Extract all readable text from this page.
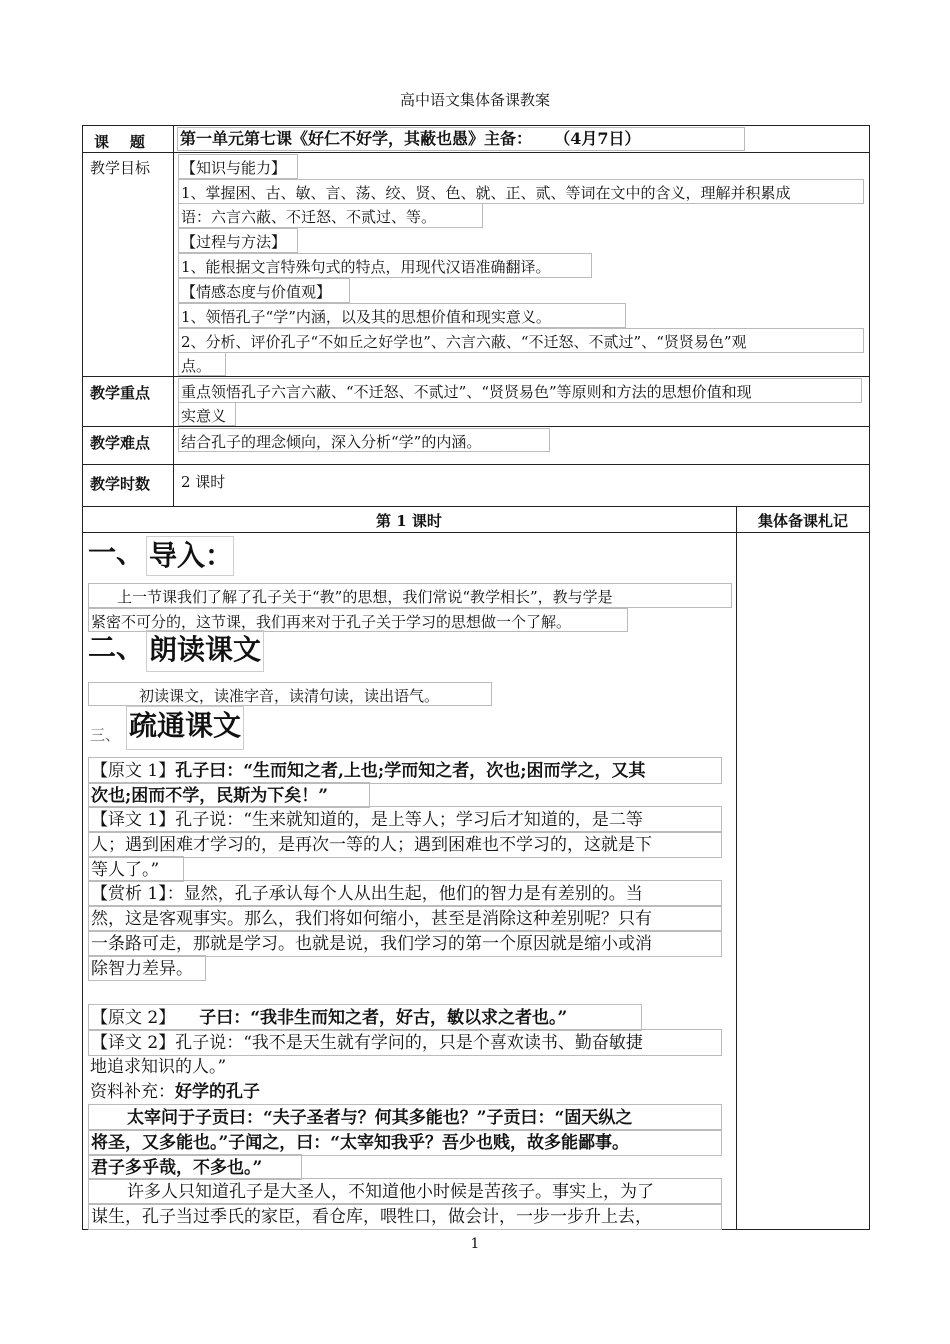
高中语文集体备课教案
课    题 第一单元第七课《好仁不好学，其蔽也愚》主备：    （4月7日）
教学目标 【知识与能力】
1、掌握困、古、敏、言、荡、绞、贤、色、就、正、贰、等词在文中的含义，理解并积累成
语：六言六蔽、不迁怒、不贰过、等。
【过程与方法】
1、能根据文言特殊句式的特点，用现代汉语准确翻译。
【情感态度与价值观】
1、领悟孔子“学”内涵，以及其的思想价值和现实意义。
2、分析、评价孔子“不如丘之好学也”、六言六蔽、“不迁怒、不贰过”、“贤贤易色”观
点。
教学重点 重点领悟孔子六言六蔽、“不迁怒、不贰过”、“贤贤易色”等原则和方法的思想价值和现
实意义
教学难点 结合孔子的理念倾向，深入分析“学”的内涵。
教学时数 2 课时
第 1 课时	集体备课札记
一、 导入：
上一节课我们了解了孔子关于“教”的思想，我们常说“教学相长”，教与学是
紧密不可分的，这节课，我们再来对于孔子关于学习的思想做一个了解。
二、 朗读课文
初读课文，读准字音，读清句读，读出语气。
三、 疏通课文
【原文 1】孔子曰：“生而知之者,上也;学而知之者，次也;困而学之，又其
次也;困而不学，民斯为下矣！”
【译文 1】孔子说：“生来就知道的，是上等人；学习后才知道的，是二等
人；遇到困难才学习的，是再次一等的人；遇到困难也不学习的，这就是下
等人了。”
【赏析 1】：显然，孔子承认每个人从出生起，他们的智力是有差别的。当
然，这是客观事实。那么，我们将如何缩小，甚至是消除这种差别呢？只有
一条路可走，那就是学习。也就是说，我们学习的第一个原因就是缩小或消
除智力差异。
【原文 2】 子曰：“我非生而知之者，好古，敏以求之者也。”
【译文 2】孔子说：“我不是天生就有学问的，只是个喜欢读书、勤奋敏捷
地追求知识的人。”
资料补充：好学的孔子
太宰问于子贡曰：“夫子圣者与？何其多能也？”子贡曰：“固天纵之
将圣，又多能也。”子闻之，曰：“太宰知我乎？吾少也贱，故多能鄙事。
君子多乎哉，不多也。”
许多人只知道孔子是大圣人，不知道他小时候是苦孩子。事实上，为了
谋生，孔子当过季氏的家臣，看仓库，喂牲口，做会计，一步一步升上去，
1
